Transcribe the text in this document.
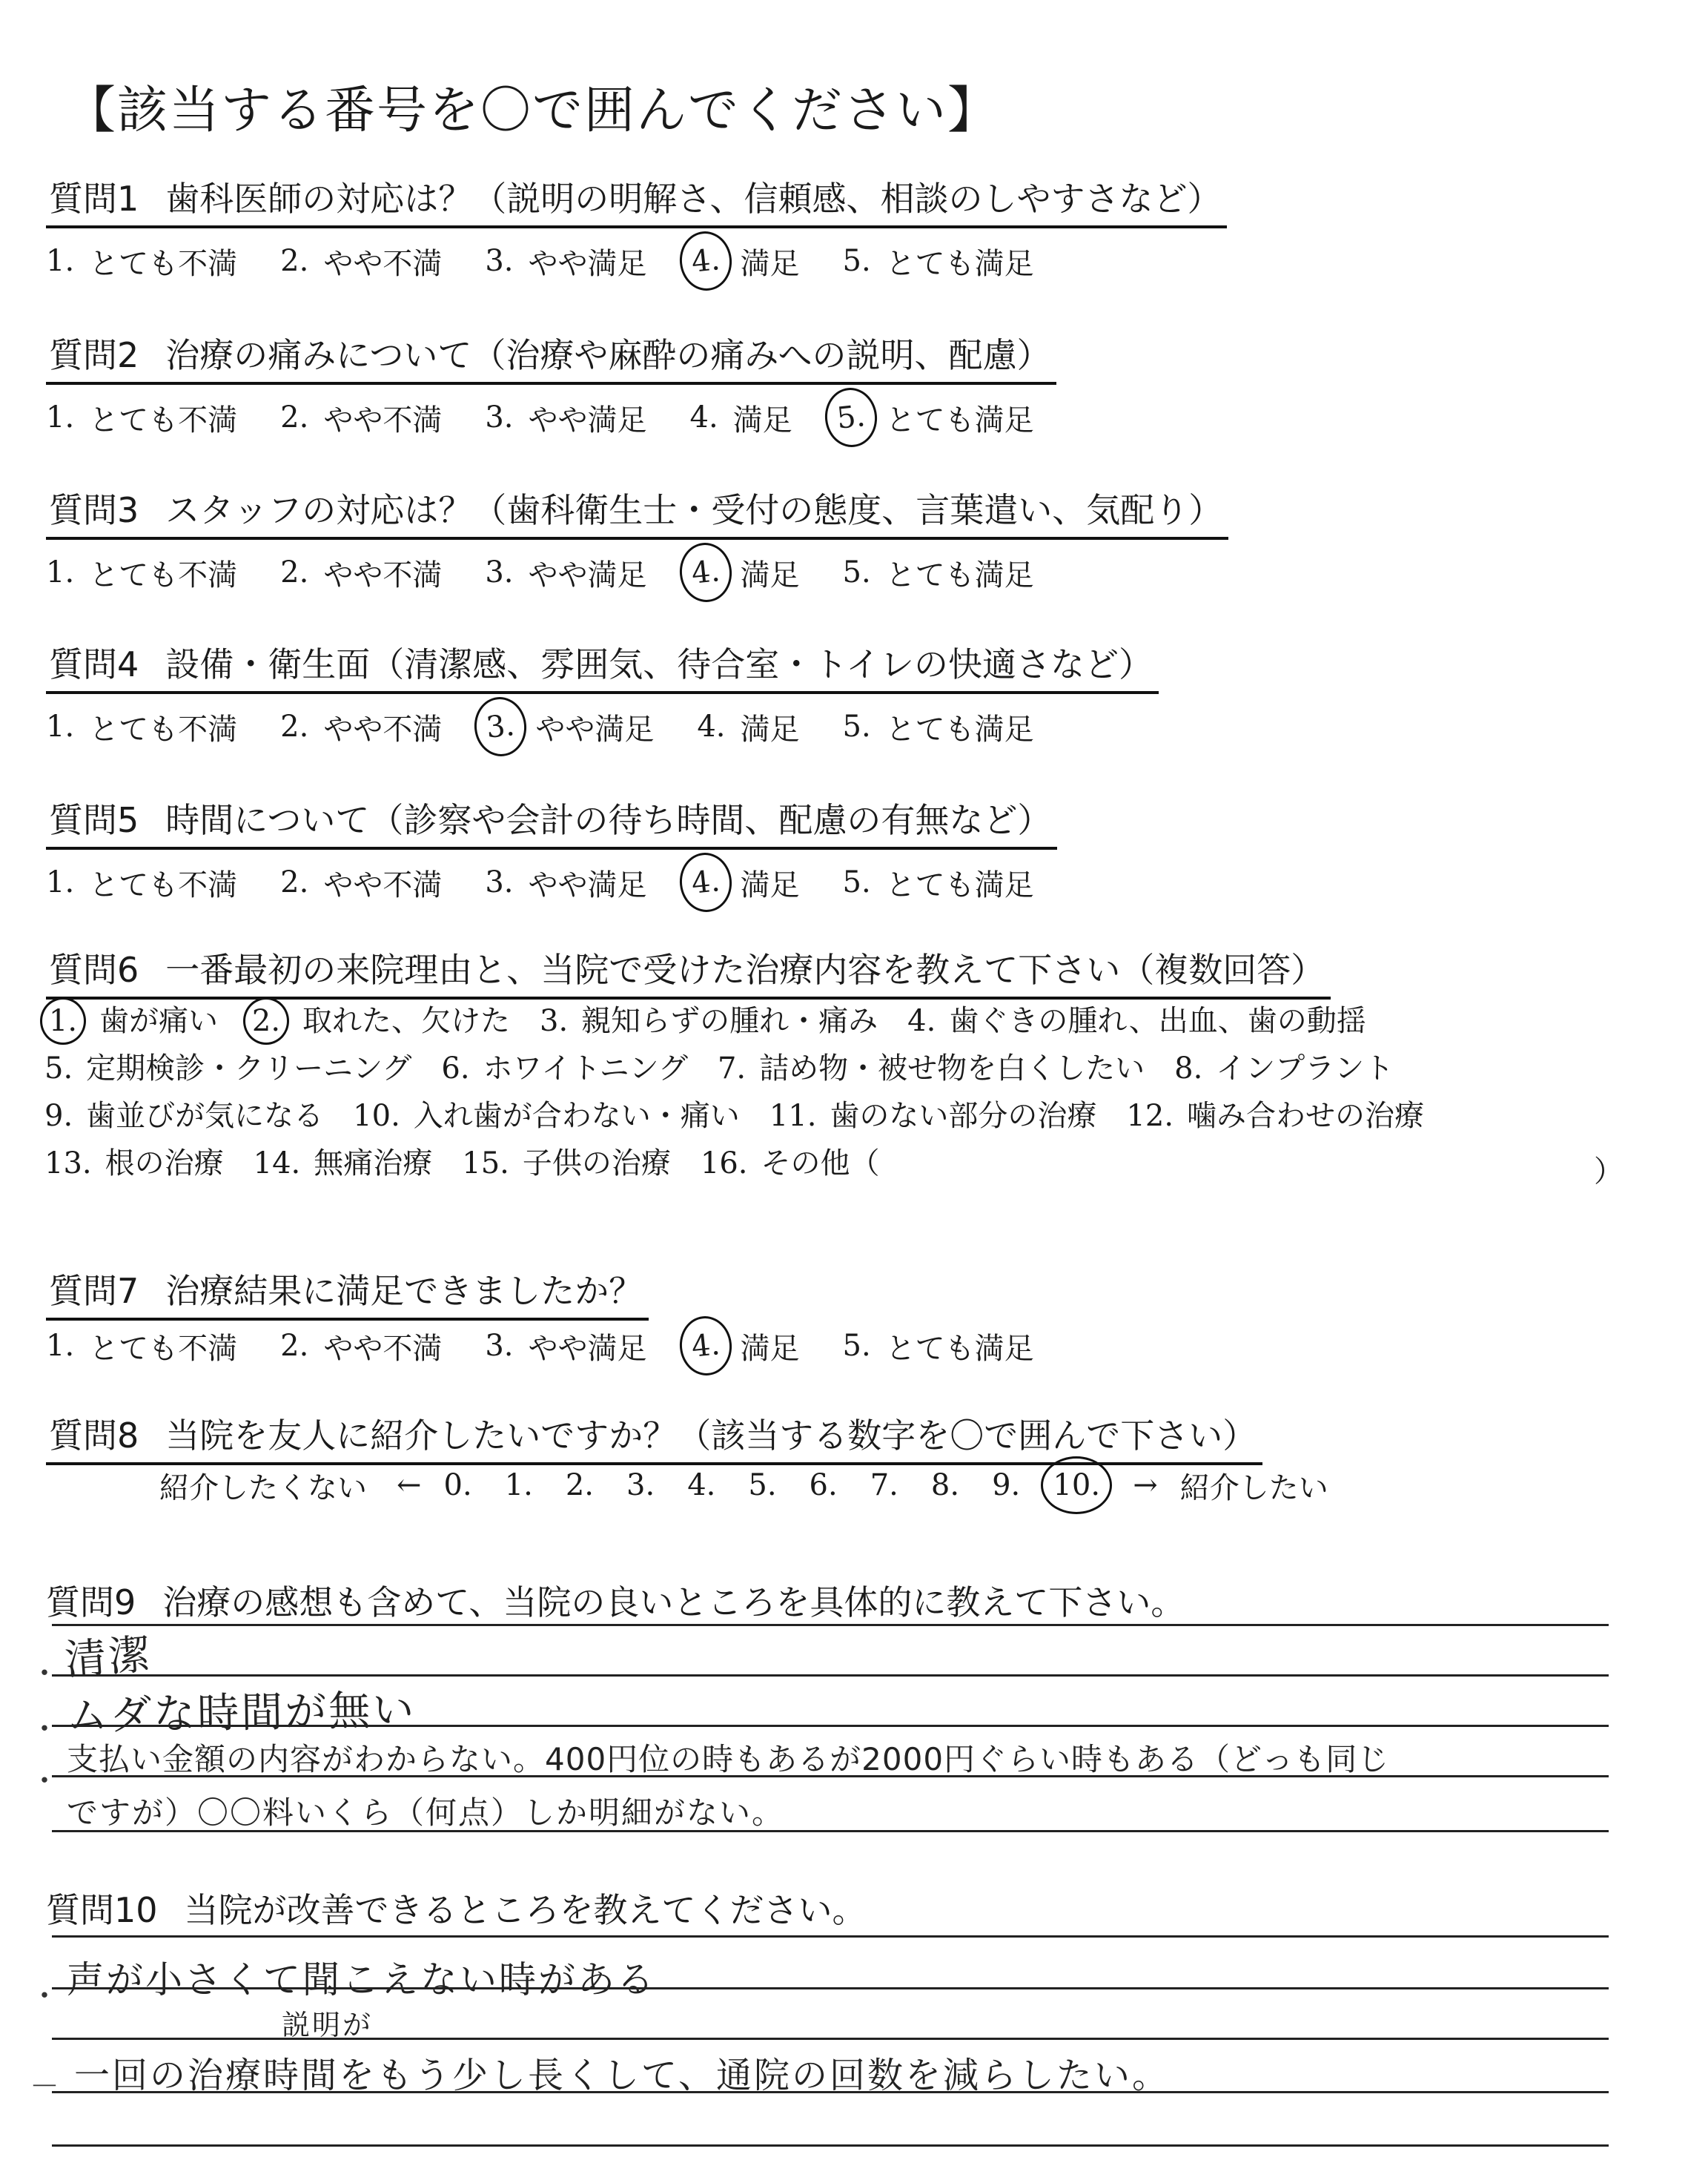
【該当する番号を〇で囲んでください】
質問1 歯科医師の対応は？（説明の明解さ、信頼感、相談のしやすさなど）
1. とても不満 2. やや不満 3. やや満足	4. 満足 5. とても満足
質問2 治療の痛みについて（治療や麻酔の痛みへの説明、配慮）
1. とても不満 2. やや不満 3. やや満足 4. 満足	5. とても満足
質問3 スタッフの対応は？（歯科衛生士・受付の態度、言葉遣い、気配り）
1. とても不満 2. やや不満 3. やや満足	4. 満足 5. とても満足
質問4 設備・衛生面（清潔感、雰囲気、待合室・トイレの快適さなど）
1. とても不満 2. やや不満	3. やや満足 4. 満足 5. とても満足
質問5 時間について（診察や会計の待ち時間、配慮の有無など）
1. とても不満 2. やや不満 3. やや満足	4. 満足 5. とても満足
質問6 一番最初の来院理由と、当院で受けた治療内容を教えて下さい（複数回答）
1. 歯が痛い 2. 取れた、欠けた 3. 親知らずの腫れ・痛み 4. 歯ぐきの腫れ、出血、歯の動揺
5. 定期検診・クリーニング 6. ホワイトニング 7. 詰め物・被せ物を白くしたい 8. インプラント
9. 歯並びが気になる 10. 入れ歯が合わない・痛い 11. 歯のない部分の治療 12. 噛み合わせの治療
13. 根の治療 14. 無痛治療 15. 子供の治療 16. その他（	）
質問7 治療結果に満足できましたか？
1. とても不満 2. やや不満 3. やや満足	4. 満足 5. とても満足
質問8 当院を友人に紹介したいですか？（該当する数字を〇で囲んで下さい）
紹介したくない ← 0. 1. 2. 3. 4. 5. 6. 7. 8. 9.	10.	→ 紹介したい
質問9 治療の感想も含めて、当院の良いところを具体的に教えて下さい。
・ 清潔
・ ムダな時間が無い
・
支払い金額の内容がわからない。400円位の時もあるが2000円ぐらい時もある（どっも同じ
ですが）〇〇料いくら（何点）しか明細がない。
質問10 当院が改善できるところを教えてください。
・ 声が小さくて聞こえない時がある
説明が
－ 一回の治療時間をもう少し長くして、通院の回数を減らしたい。
